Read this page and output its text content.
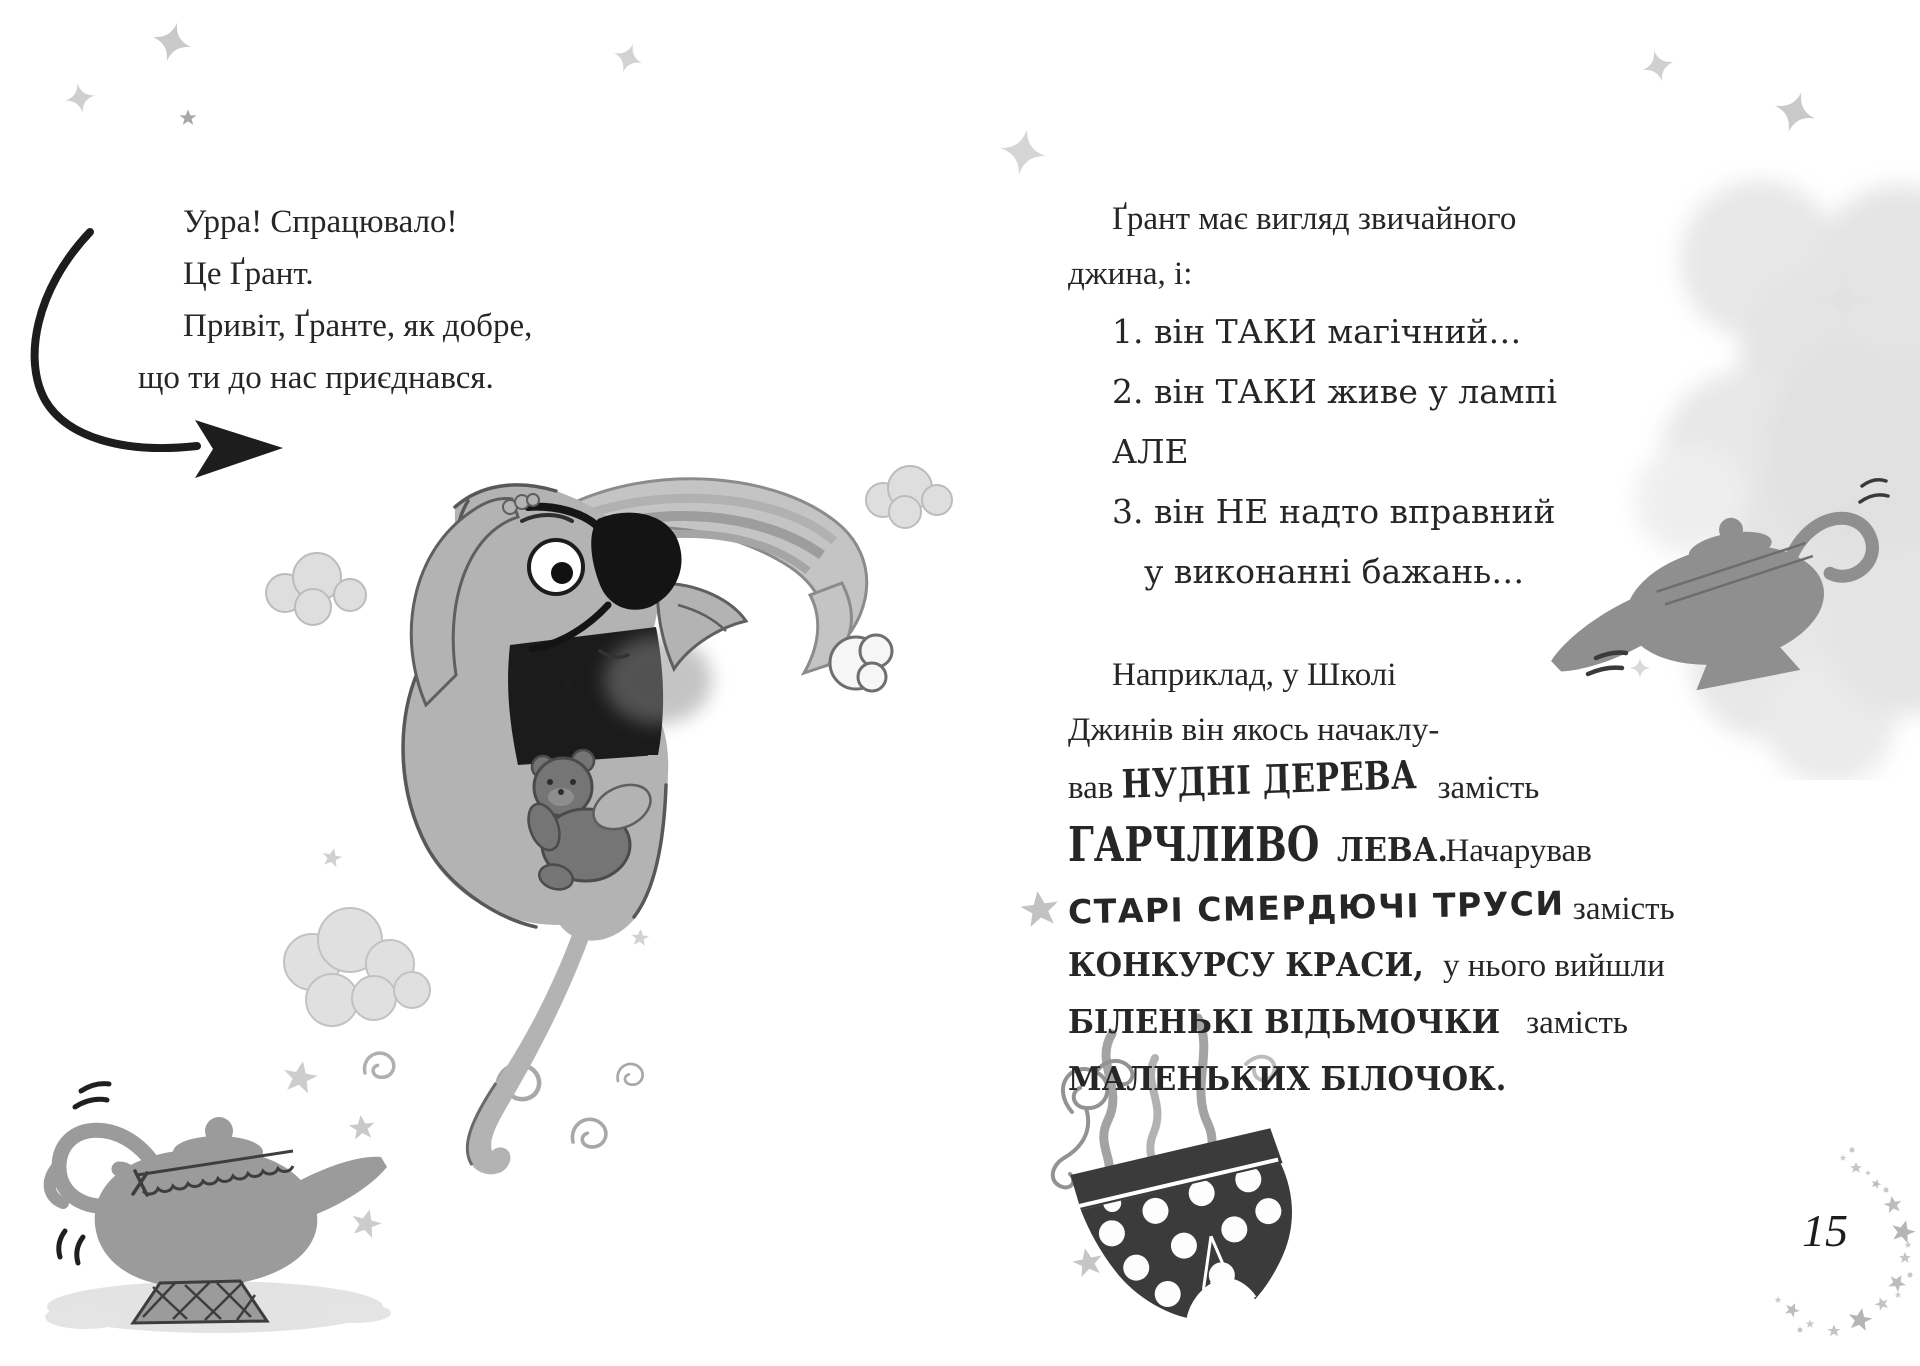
Урра! Спрацювало!

Це Ґрант.

Привіт, Ґранте, як добре,

що ти до нас приєднався.

Ґрант має вигляд звичайного

джина, і:

1. він ТАКИ магічний…

2. він ТАКИ живе у лампі

АЛЕ

3. він НЕ надто вправний

у виконанні бажань…

Наприклад, у Школі

Джинів він якось начаклу-

вав НУДНІ ДЕРЕВА замість

ГАРЧЛИВО ЛЕВА. Начарував

СТАРІ СМЕРДЮЧІ ТРУСИ замість

КОНКУРСУ КРАСИ, у нього вийшли

БІЛЕНЬКІ ВІДЬМОЧКИ замість

МАЛЕНЬКИХ БІЛОЧОК.

15
